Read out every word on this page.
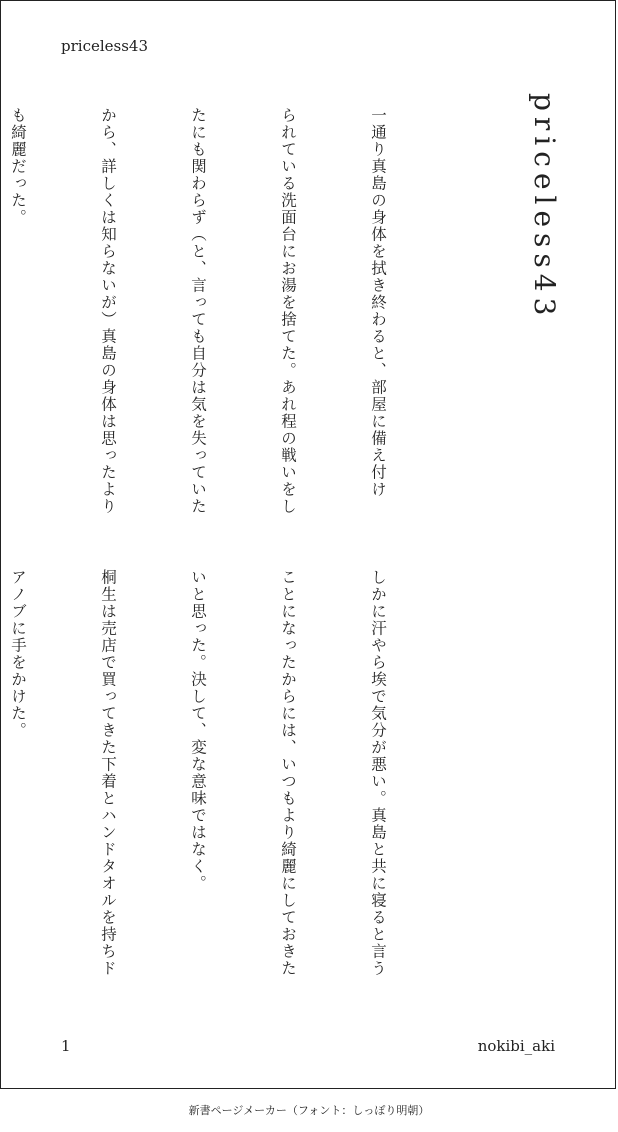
priceless43
priceless43

一通り真島の身体を拭き終わると、部屋に備え付け

られている洗面台にお湯を捨てた。あれ程の戦いをし

たにも関わらず（と、言っても自分は気を失っていた

から、詳しくは知らないが）真島の身体は思ったより

も綺麗だった。

しかに汗やら埃で気分が悪い。真島と共に寝ると言う

ことになったからには、いつもより綺麗にしておきた

いと思った。決して、変な意味ではなく。

桐生は売店で買ってきた下着とハンドタオルを持ちド

アノブに手をかけた。

1	nokibi_aki
新書ページメーカー（フォント：しっぽり明朝）
